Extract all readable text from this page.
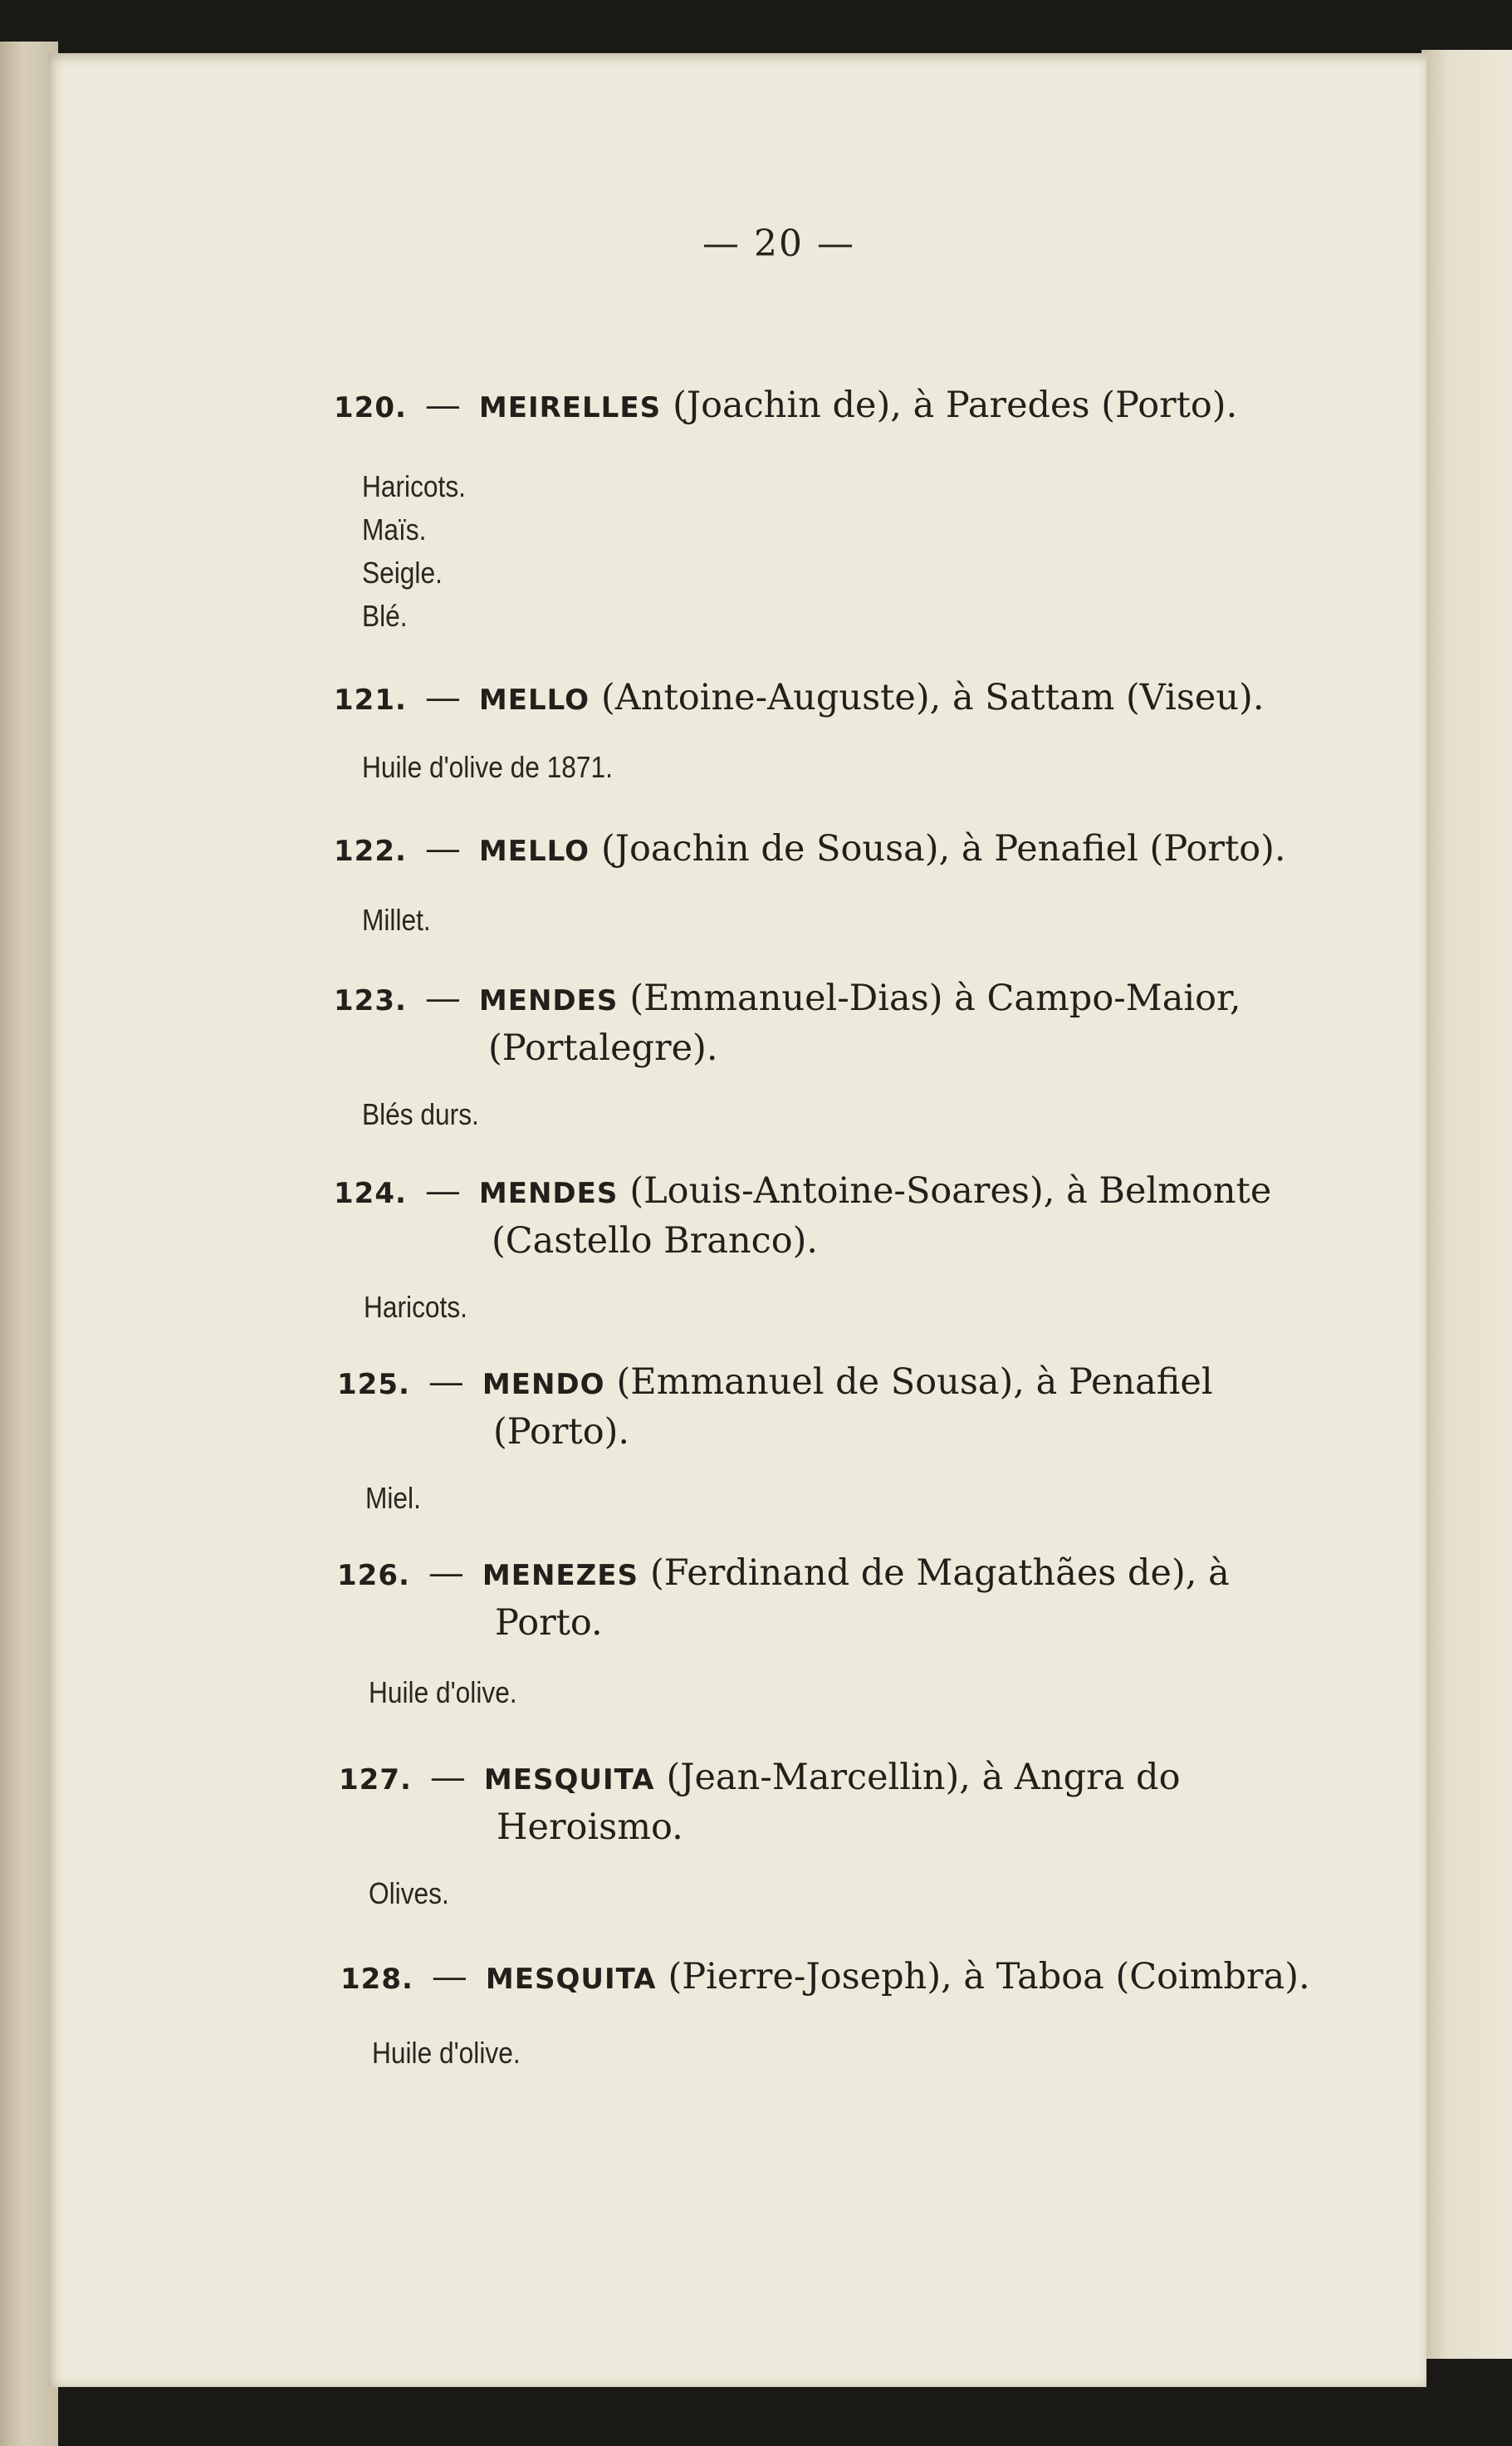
— 20 —
120. — MEIRELLES (Joachin de), à Paredes (Porto).
Haricots.
Maïs.
Seigle.
Blé.
121. — MELLO (Antoine-Auguste), à Sattam (Viseu).
Huile d'olive de 1871.
122. — MELLO (Joachin de Sousa), à Penafiel (Porto).
Millet.
123. — MENDES (Emmanuel-Dias) à Campo-Maior,
(Portalegre).
Blés durs.
124. — MENDES (Louis-Antoine-Soares), à Belmonte
(Castello Branco).
Haricots.
125. — MENDO (Emmanuel de Sousa), à Penafiel
(Porto).
Miel.
126. — MENEZES (Ferdinand de Magathães de), à
Porto.
Huile d'olive.
127. — MESQUITA (Jean-Marcellin), à Angra do
Heroismo.
Olives.
128. — MESQUITA (Pierre-Joseph), à Taboa (Coimbra).
Huile d'olive.
